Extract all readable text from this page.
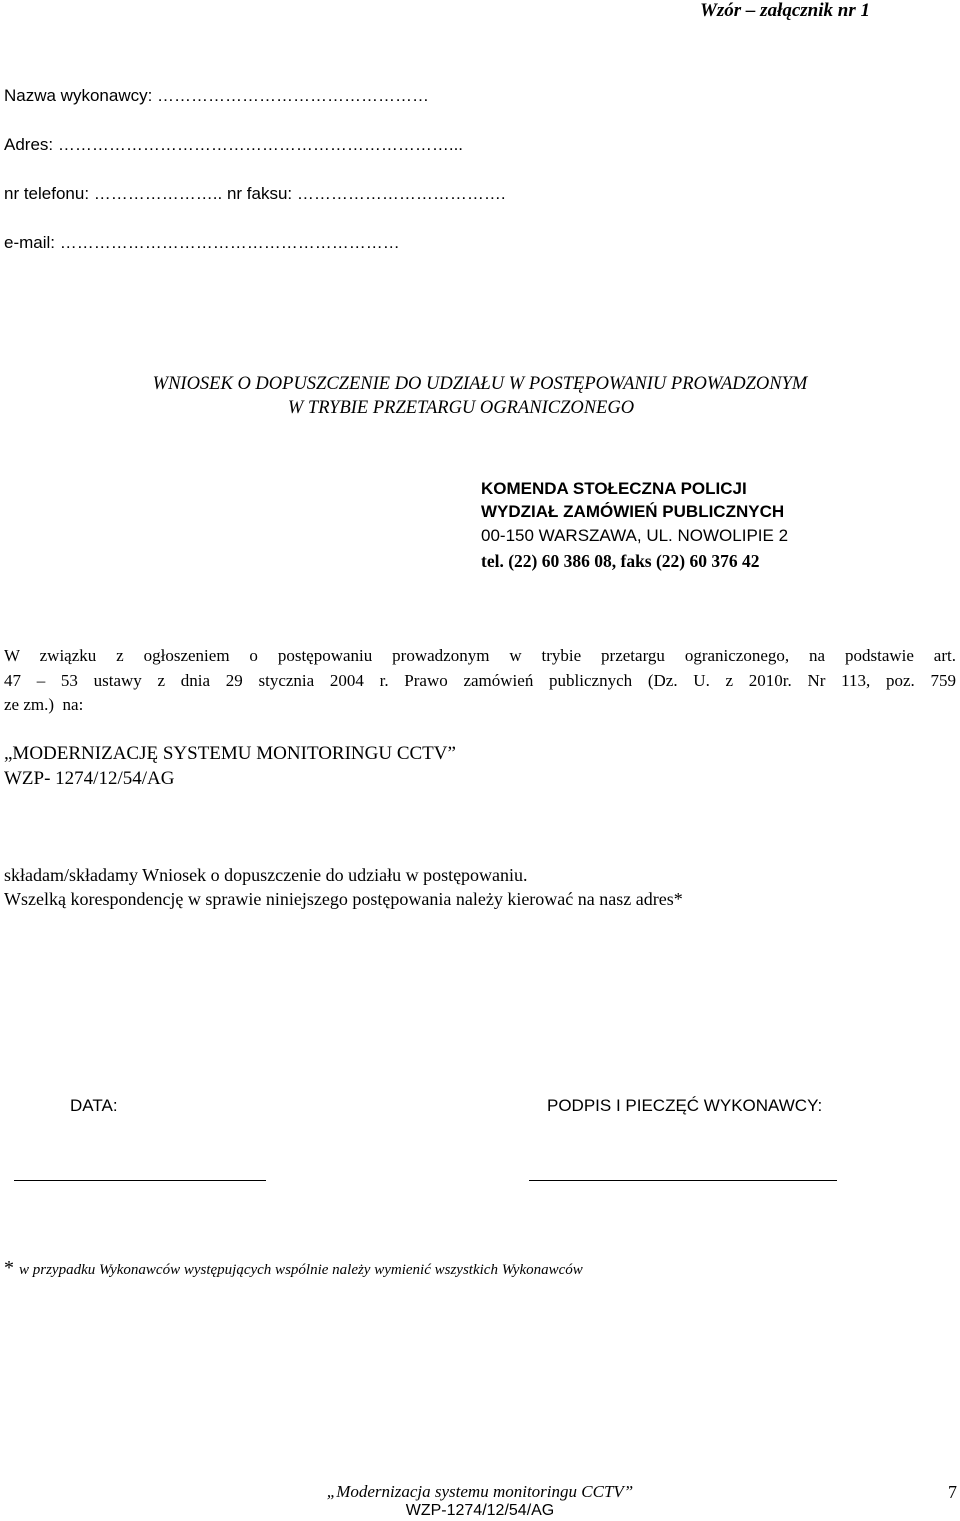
Wzór – załącznik nr 1
Nazwa wykonawcy: …………………………………………
Adres: ……………………………………………………………...
nr telefonu: ………………….. nr faksu: ……………………………….
e-mail: ……………………………………………………
WNIOSEK O DOPUSZCZENIE DO UDZIAŁU W POSTĘPOWANIU PROWADZONYM
W TRYBIE PRZETARGU OGRANICZONEGO
KOMENDA STOŁECZNA POLICJI
WYDZIAŁ ZAMÓWIEŃ PUBLICZNYCH
00-150 WARSZAWA, UL. NOWOLIPIE 2
tel. (22) 60 386 08, faks (22) 60 376 42
W związku z ogłoszeniem o postępowaniu prowadzonym w trybie przetargu ograniczonego, na podstawie art.
47 – 53 ustawy z dnia 29 stycznia 2004 r. Prawo zamówień publicznych (Dz. U. z 2010r. Nr 113, poz. 759
ze zm.)  na:
„MODERNIZACJĘ SYSTEMU MONITORINGU CCTV”
WZP- 1274/12/54/AG
składam/składamy Wniosek o dopuszczenie do udziału w postępowaniu.
Wszelką korespondencję w sprawie niniejszego postępowania należy kierować na nasz adres*
DATA:	PODPIS I PIECZĘĆ WYKONAWCY:
* w przypadku Wykonawców występujących wspólnie należy wymienić wszystkich Wykonawców
„Modernizacja systemu monitoringu CCTV”
WZP-1274/12/54/AG
7
